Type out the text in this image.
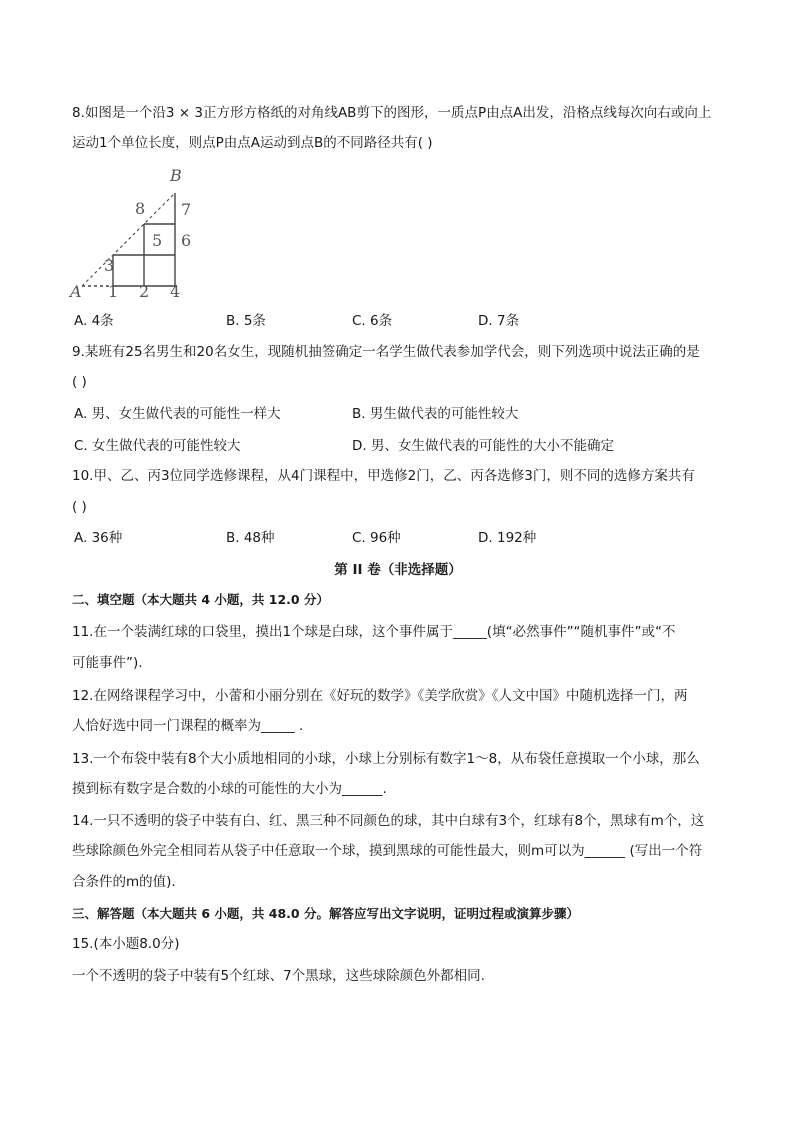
8.如图是一个沿3 × 3正方形方格纸的对角线AB剪下的图形，一质点P由点A出发，沿格点线每次向右或向上
运动1个单位长度，则点P由点A运动到点B的不同路径共有( )
A
B
1 2 4
3
5 6
8 7
A. 4条	B. 5条	C. 6条	D. 7条
9.某班有25名男生和20名女生，现随机抽签确定一名学生做代表参加学代会，则下列选项中说法正确的是
( )
A. 男、女生做代表的可能性一样大	B. 男生做代表的可能性较大
C. 女生做代表的可能性较大	D. 男、女生做代表的可能性的大小不能确定
10.甲、乙、丙3位同学选修课程，从4门课程中，甲选修2门，乙、丙各选修3门，则不同的选修方案共有
( )
A. 36种	B. 48种	C. 96种	D. 192种
第 II 卷（非选择题）
二、填空题（本大题共 4 小题，共 12.0 分）
11.在一个装满红球的口袋里，摸出1个球是白球，这个事件属于_____(填“必然事件”“随机事件”或“不
可能事件”).
12.在网络课程学习中，小蕾和小丽分别在《好玩的数学》《美学欣赏》《人文中国》中随机选择一门，两
人恰好选中同一门课程的概率为_____ .
13.一个布袋中装有8个大小质地相同的小球，小球上分别标有数字1～8，从布袋任意摸取一个小球，那么
摸到标有数字是合数的小球的可能性的大小为______.
14.一只不透明的袋子中装有白、红、黑三种不同颜色的球，其中白球有3个，红球有8个，黑球有m个，这
些球除颜色外完全相同若从袋子中任意取一个球，摸到黑球的可能性最大，则m可以为______ (写出一个符
合条件的m的值).
三、解答题（本大题共 6 小题，共 48.0 分。解答应写出文字说明，证明过程或演算步骤）
15.(本小题8.0分)
一个不透明的袋子中装有5个红球、7个黑球，这些球除颜色外都相同.
